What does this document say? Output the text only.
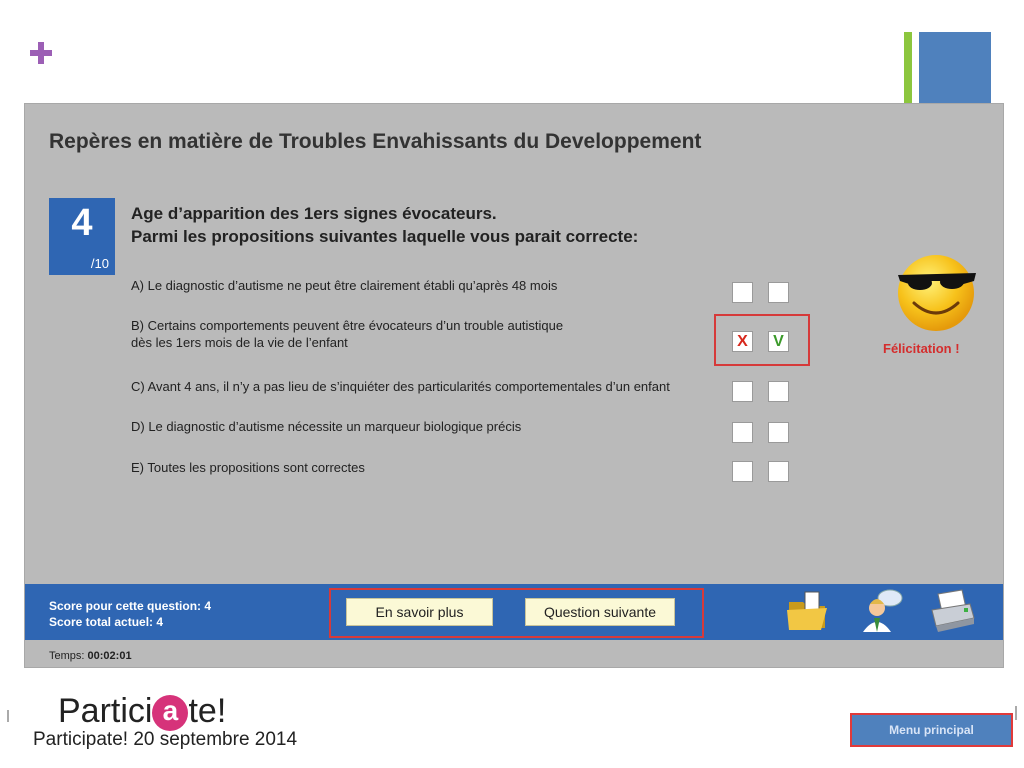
Repères en matière de Troubles Envahissants du Developpement
4
/10

Age d’apparition des 1ers signes évocateurs.
Parmi les propositions suivantes laquelle vous parait correcte:

A) Le diagnostic d’autisme ne peut être clairement établi qu’après 48 mois
B) Certains comportements peuvent être évocateurs d’un trouble autistique
dès les 1ers mois de la vie de l’enfant	X	V
C) Avant 4 ans, il n’y a pas lieu de s’inquiéter des particularités comportementales d’un enfant
D) Le diagnostic d’autisme nécessite un marqueur biologique précis
E) Toutes les propositions sont correctes
Félicitation !
Score pour cette question: 4
Score total actuel: 4
En savoir plus	Question suivante
Temps: 00:02:01
Partici a te!
Participate! 20 septembre 2014	Menu principal
